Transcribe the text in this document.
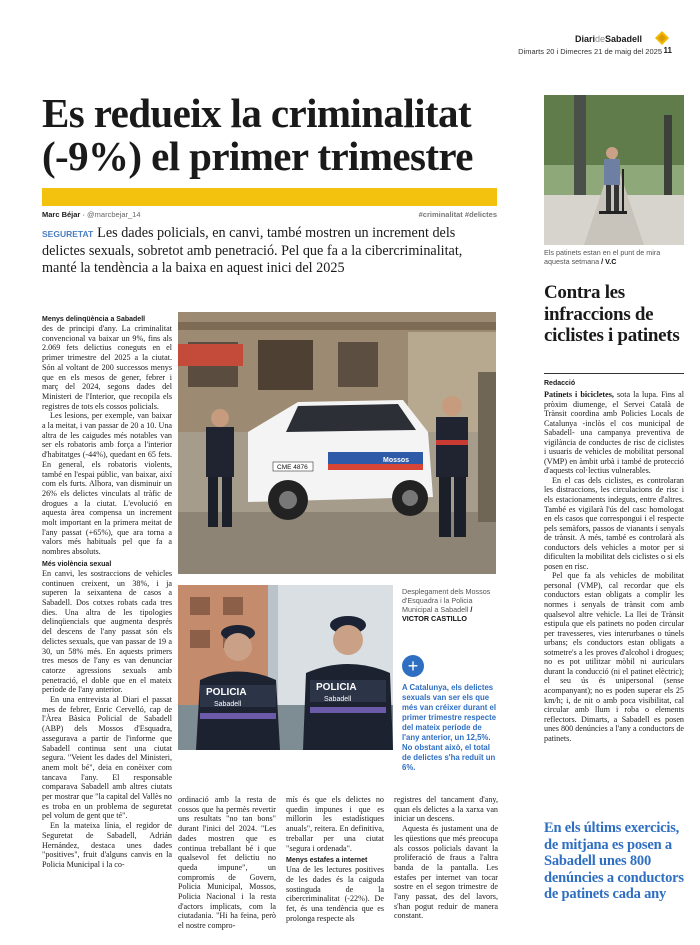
DiarideSabadell
Dimarts 20 i Dimecres 21 de maig del 2025 11
Es redueix la criminalitat (-9%) el primer trimestre
Marc Béjar · @marcbejar_14	#criminalitat #delictes
SEGURETAT Les dades policials, en canvi, també mostren un increment dels delictes sexuals, sobretot amb penetració. Pel que fa a la cibercriminalitat, manté la tendència a la baixa en aquest inici del 2025
Menys delinqüència a Sabadell

des de principi d'any. La criminalitat convencional va baixar un 9%, fins als 2.069 fets delictius coneguts en el primer trimestre del 2025 a la ciutat. Són al voltant de 200 successos menys que en els mesos de gener, febrer i març del 2024, segons dades del Ministeri de l'Interior, que recopila els registres de tots els cossos policials.

Les lesions, per exemple, van baixar a la meitat, i van passar de 20 a 10. Una altra de les caigudes més notables van ser els robatoris amb força a l'interior d'habitatges (-44%), quedant en 65 fets. En general, els robatoris violents, també en l'espai públic, van baixar, així com els furts. Alhora, van disminuir un 26% els delictes vinculats al tràfic de drogues a la ciutat. L'evolució en aquesta àrea compensa un increment molt important en la primera meitat de l'any passat (+65%), que ara torna a valors més habituals pel que fa a nombres absoluts.

Més violència sexual

En canvi, les sostraccions de vehicles continuen creixent, un 38%, i ja superen la seixantena de casos a Sabadell. Dos cotxes robats cada tres dies. Una altra de les tipologies delinqüencials que augmenta després del descens de l'any passat són els delictes sexuals, que van passar de 19 a 30, un 58% més. En aquests primers tres mesos de l'any es van denunciar catorze agressions sexuals amb penetració, el doble que en el mateix període de l'any anterior.

En una entrevista al Diari el passat mes de febrer, Enric Cervelló, cap de l'Àrea Bàsica Policial de Sabadell (ABP) dels Mossos d'Esquadra, assegurava a partir de l'informe que Sabadell continua sent una ciutat segura. "Veient les dades del Ministeri, anem molt bé", deia en conèixer com tancava l'any. El responsable comparava Sabadell amb altres ciutats per mostrar que "la capital del Vallès no es troba en un problema de seguretat pel volum de gent que té".

En la mateixa línia, el regidor de Seguretat de Sabadell, Adrián Hernández, destaca unes dades "positives", fruit d'alguns canvis en la Policia Municipal i la co-

CME 4876
Mossos
POLICIA
Sabadell
POLICIA
Sabadell
Desplegament dels Mossos d'Esquadra i la Policia Municipal a Sabadell / VICTOR CASTILLO
+
A Catalunya, els delictes sexuals van ser els que més van créixer durant el primer trimestre respecte del mateix període de l'any anterior, un 12,5%. No obstant això, el total de delictes s'ha reduït un 6%.

ordinació amb la resta de cossos que ha permès revertir uns resultats "no tan bons" durant l'inici del 2024. "Les dades mostren que es continua treballant bé i que qualsevol fet delictiu no queda impune", un compromís de Govern, Policia Municipal, Mossos, Policia Nacional i la resta d'actors implicats, com la ciutadania. "Hi ha feina, però el nostre compro-

mís és que els delictes no quedin impunes i que es millorin les estadístiques anuals", reitera. En definitiva, treballar per una ciutat "segura i ordenada".

Menys estafes a internet

Una de les lectures positives de les dades és la caiguda sostinguda de la cibercriminalitat (-22%). De fet, és una tendència que es prolonga respecte als

registres del tancament d'any, quan els delictes a la xarxa van iniciar un descens.

Aquesta és justament una de les qüestions que més preocupa als cossos policials davant la proliferació de fraus a l'altra banda de la pantalla. Les estafes per internet van tocar sostre en el segon trimestre de l'any passat, des del lavors, s'han pogut reduir de manera constant.

Els patinets estan en el punt de mira aquesta setmana / V.C
Contra les infraccions de ciclistes i patinets
Redacció

Patinets i bicicletes, sota la lupa. Fins al pròxim diumenge, el Servei Català de Trànsit coordina amb Policies Locals de Catalunya -inclòs el cos municipal de Sabadell- una campanya preventiva de vigilància de conductes de risc de ciclistes i usuaris de vehicles de mobilitat personal (VMP) en àmbit urbà i també de protecció d'aquests col·lectius vulnerables.

En el cas dels ciclistes, es controlaran les distraccions, les circulacions de risc i els estacionaments indeguts, entre d'altres. També es vigilarà l'ús del casc homologat en els casos que correspongui i el respecte pels semàfors, passos de vianants i senyals de trànsit. A més, també es controlarà als conductors dels vehicles a motor per si dificulten la mobilitat dels ciclistes o si els posen en risc.

Pel que fa als vehicles de mobilitat personal (VMP), cal recordar que els conductors estan obligats a complir les normes i senyals de trànsit com amb qualsevol altre vehicle. La llei de Trànsit estipula que els patinets no poden circular per travesseres, vies interurbanes o túnels urbans; els conductors estan obligats a sotmetre's a les proves d'alcohol i drogues; no es pot utilitzar mòbil ni auriculars durant la conducció (ni el patinet elèctric); el seu ús és unipersonal (sense acompanyant); no es poden superar els 25 km/h; i, de nit o amb poca visibilitat, cal circular amb llum i roba o elements reflectors. Dimarts, a Sabadell es posen unes 800 denúncies a l'any a conductors de patinets.

En els últims exercicis, de mitjana es posen a Sabadell unes 800 denúncies a conductors de patinets cada any
